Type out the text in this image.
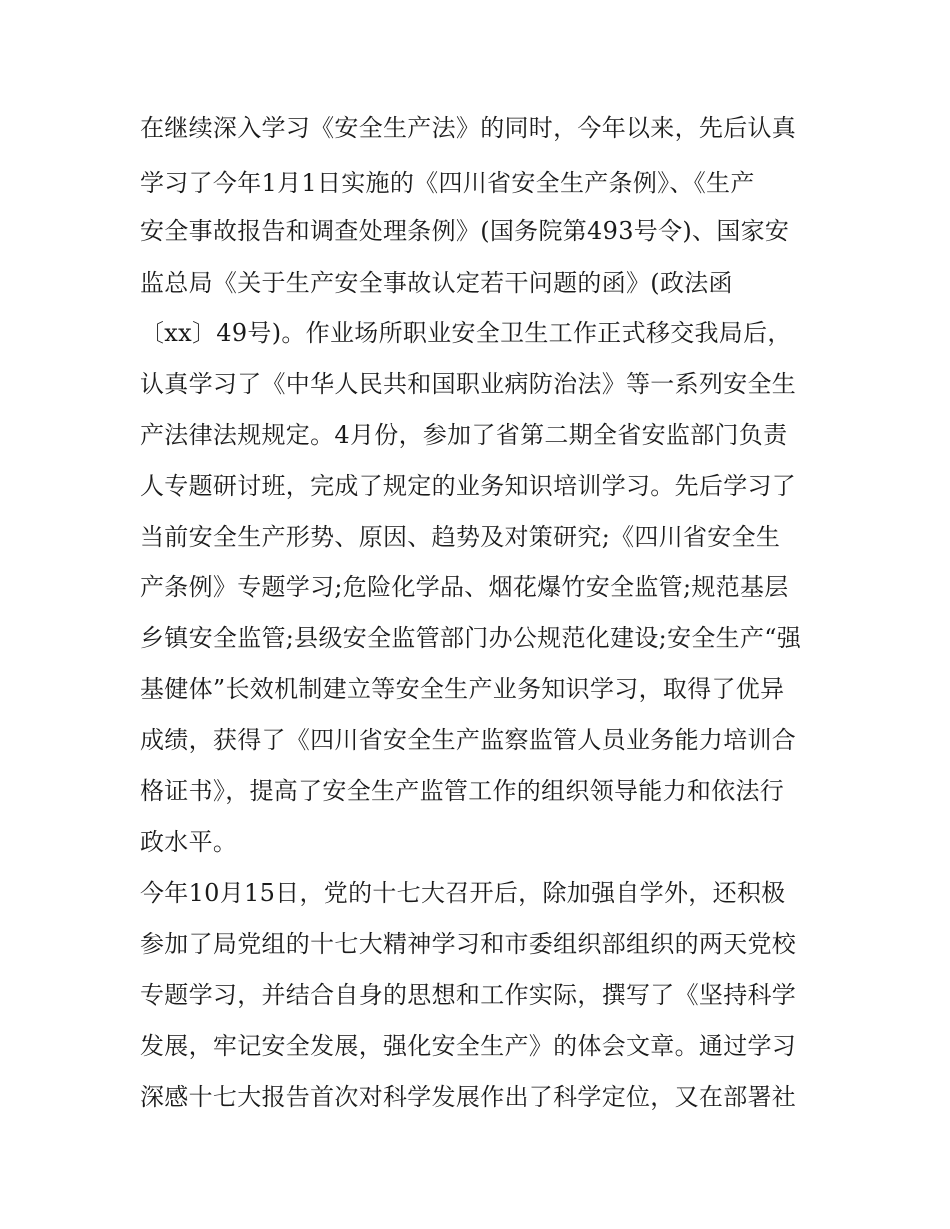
在继续深入学习《安全生产法》的同时，今年以来，先后认真
学习了今年1月1日实施的《四川省安全生产条例》、《生产
安全事故报告和调查处理条例》(国务院第493号令)、国家安
监总局《关于生产安全事故认定若干问题的函》(政法函
〔xx〕49号)。作业场所职业安全卫生工作正式移交我局后，
认真学习了《中华人民共和国职业病防治法》等一系列安全生
产法律法规规定。4月份，参加了省第二期全省安监部门负责
人专题研讨班，完成了规定的业务知识培训学习。先后学习了
当前安全生产形势、原因、趋势及对策研究;《四川省安全生
产条例》专题学习;危险化学品、烟花爆竹安全监管;规范基层
乡镇安全监管;县级安全监管部门办公规范化建设;安全生产“强
基健体”长效机制建立等安全生产业务知识学习，取得了优异
成绩，获得了《四川省安全生产监察监管人员业务能力培训合
格证书》，提高了安全生产监管工作的组织领导能力和依法行
政水平。
今年10月15日，党的十七大召开后，除加强自学外，还积极
参加了局党组的十七大精神学习和市委组织部组织的两天党校
专题学习，并结合自身的思想和工作实际，撰写了《坚持科学
发展，牢记安全发展，强化安全生产》的体会文章。通过学习
深感十七大报告首次对科学发展作出了科学定位，又在部署社
